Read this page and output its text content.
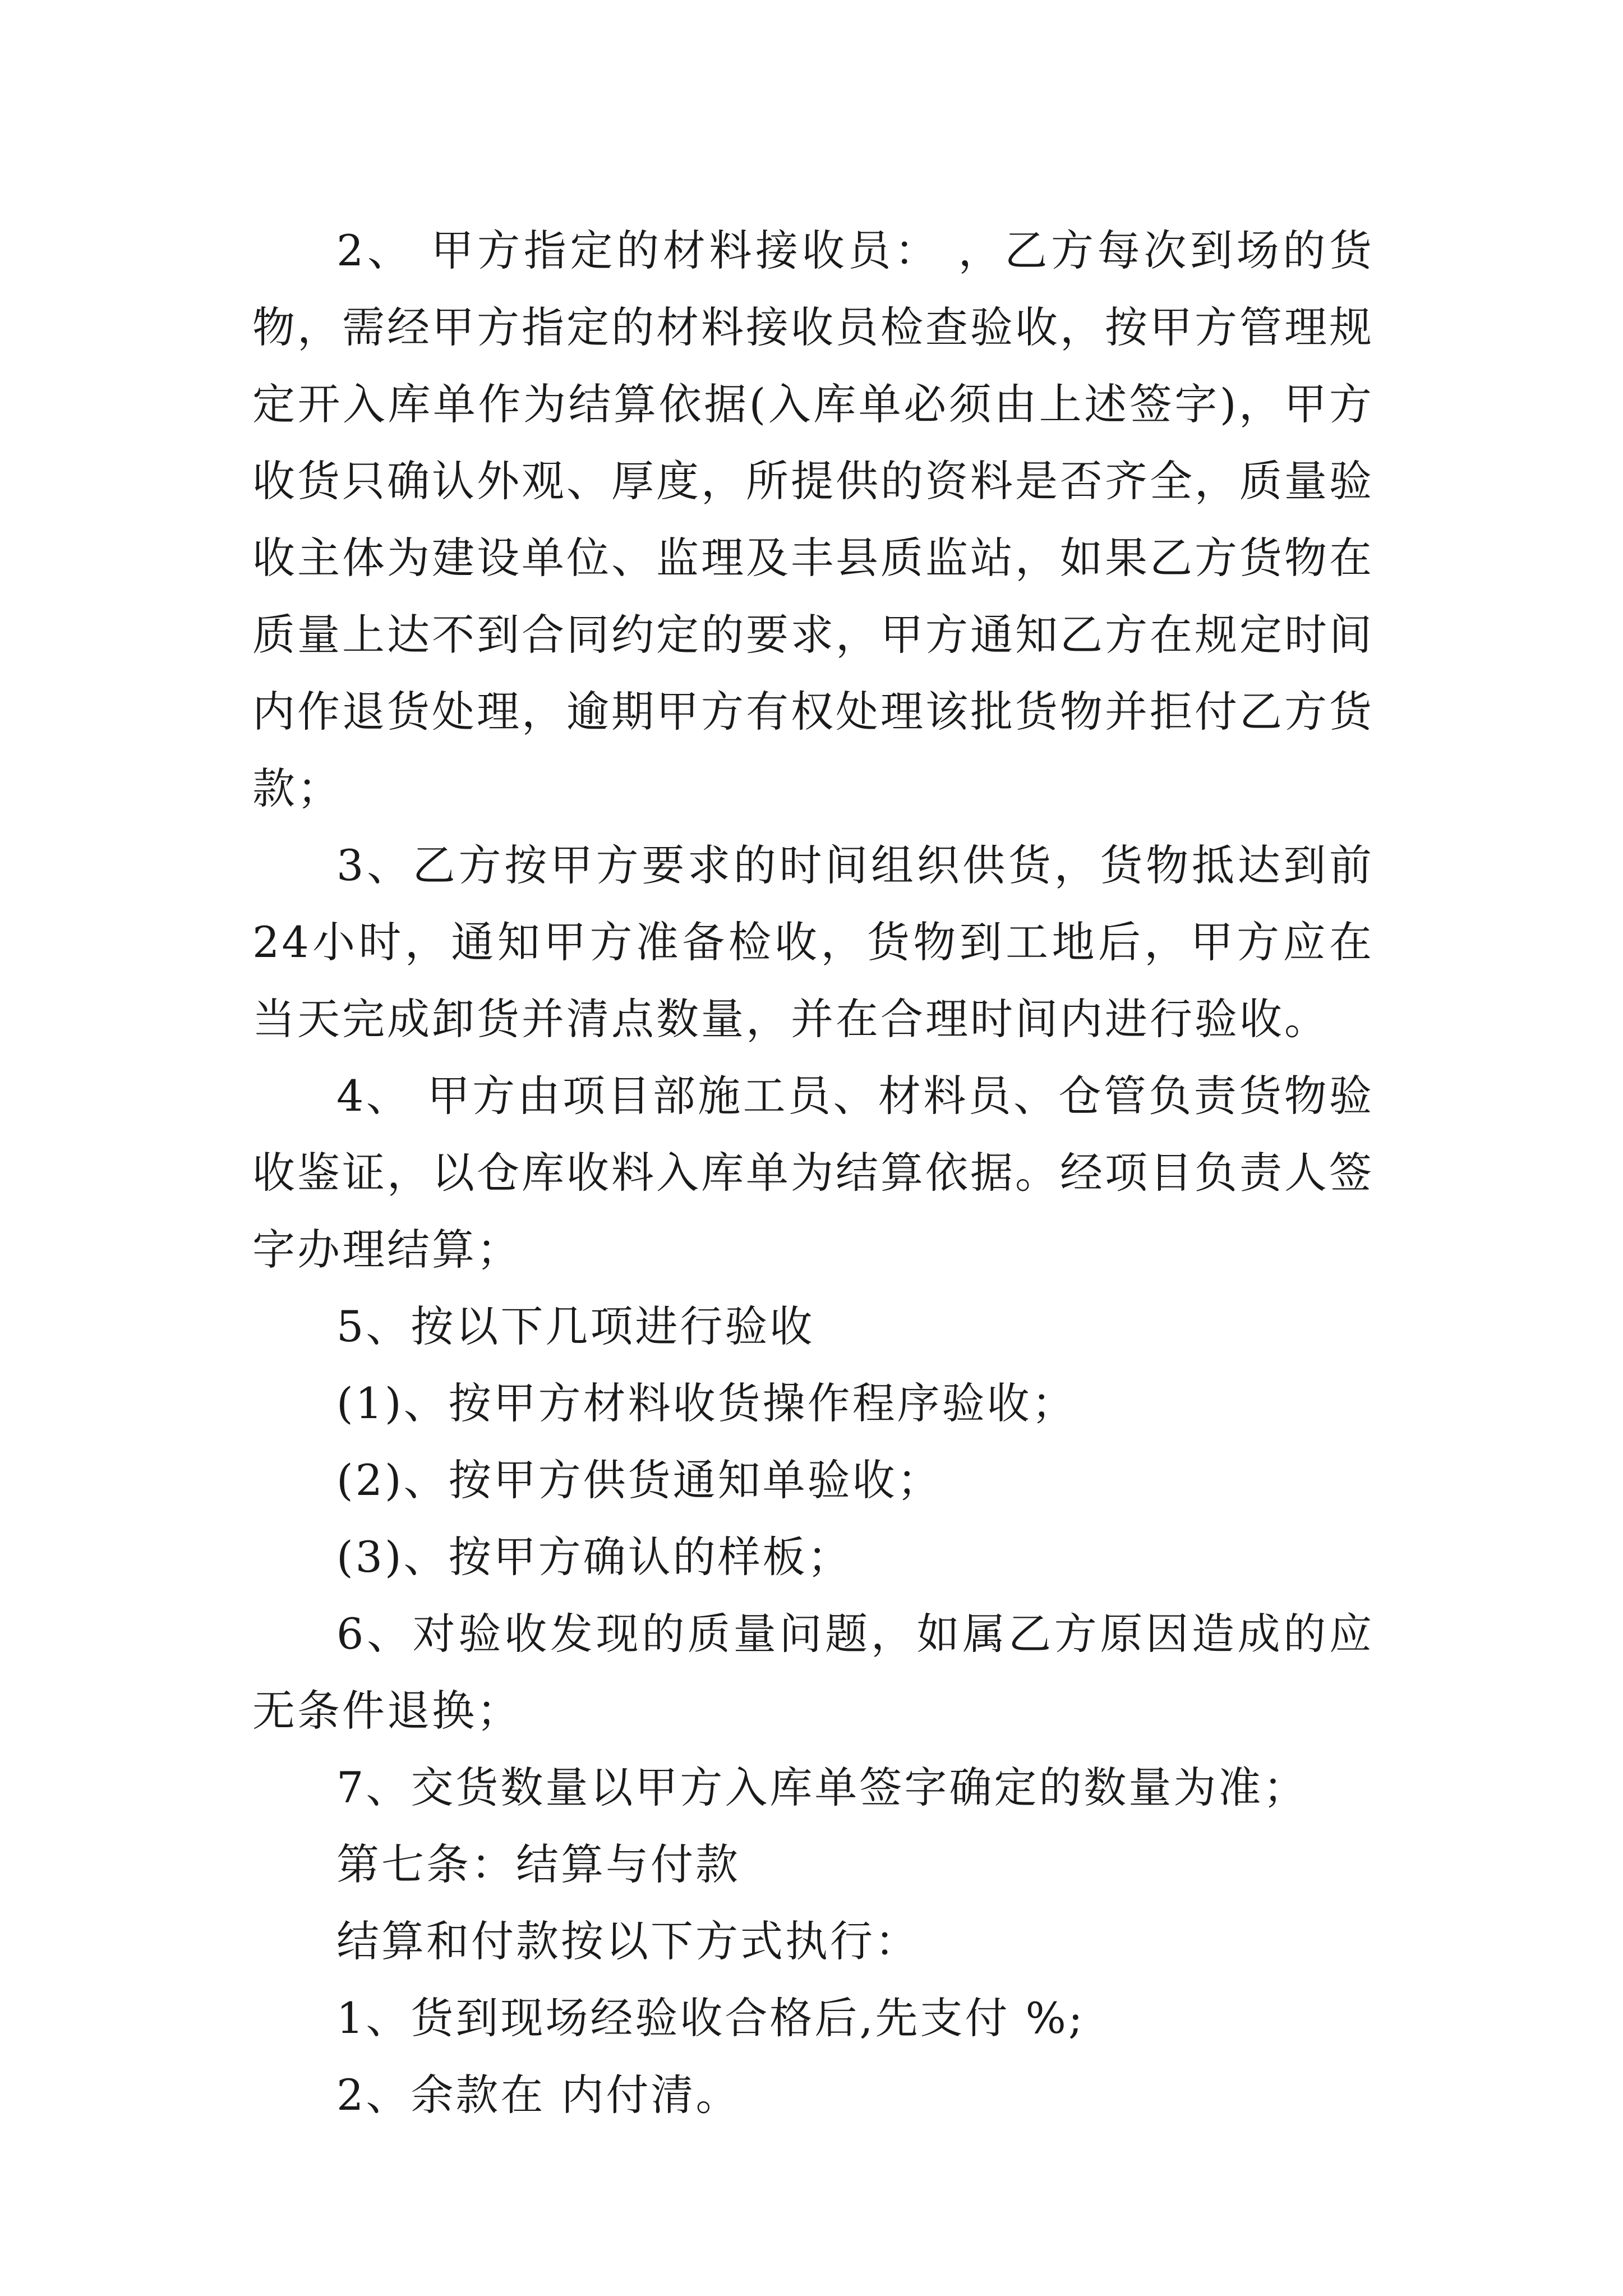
2、 甲方指定的材料接收员： ，乙方每次到场的货物，需经甲方指定的材料接收员检查验收，按甲方管理规定开入库单作为结算依据(入库单必须由上述签字)，甲方收货只确认外观、厚度，所提供的资料是否齐全，质量验收主体为建设单位、监理及丰县质监站，如果乙方货物在质量上达不到合同约定的要求，甲方通知乙方在规定时间内作退货处理，逾期甲方有权处理该批货物并拒付乙方货款；

3、乙方按甲方要求的时间组织供货，货物抵达到前24小时，通知甲方准备检收，货物到工地后，甲方应在当天完成卸货并清点数量，并在合理时间内进行验收。

4、 甲方由项目部施工员、材料员、仓管负责货物验收鉴证，以仓库收料入库单为结算依据。经项目负责人签字办理结算；

5、按以下几项进行验收

(1)、按甲方材料收货操作程序验收；

(2)、按甲方供货通知单验收；

(3)、按甲方确认的样板；

6、对验收发现的质量问题，如属乙方原因造成的应无条件退换；

7、交货数量以甲方入库单签字确定的数量为准；

第七条：结算与付款

结算和付款按以下方式执行：

1、货到现场经验收合格后,先支付 %;

2、余款在 内付清。
